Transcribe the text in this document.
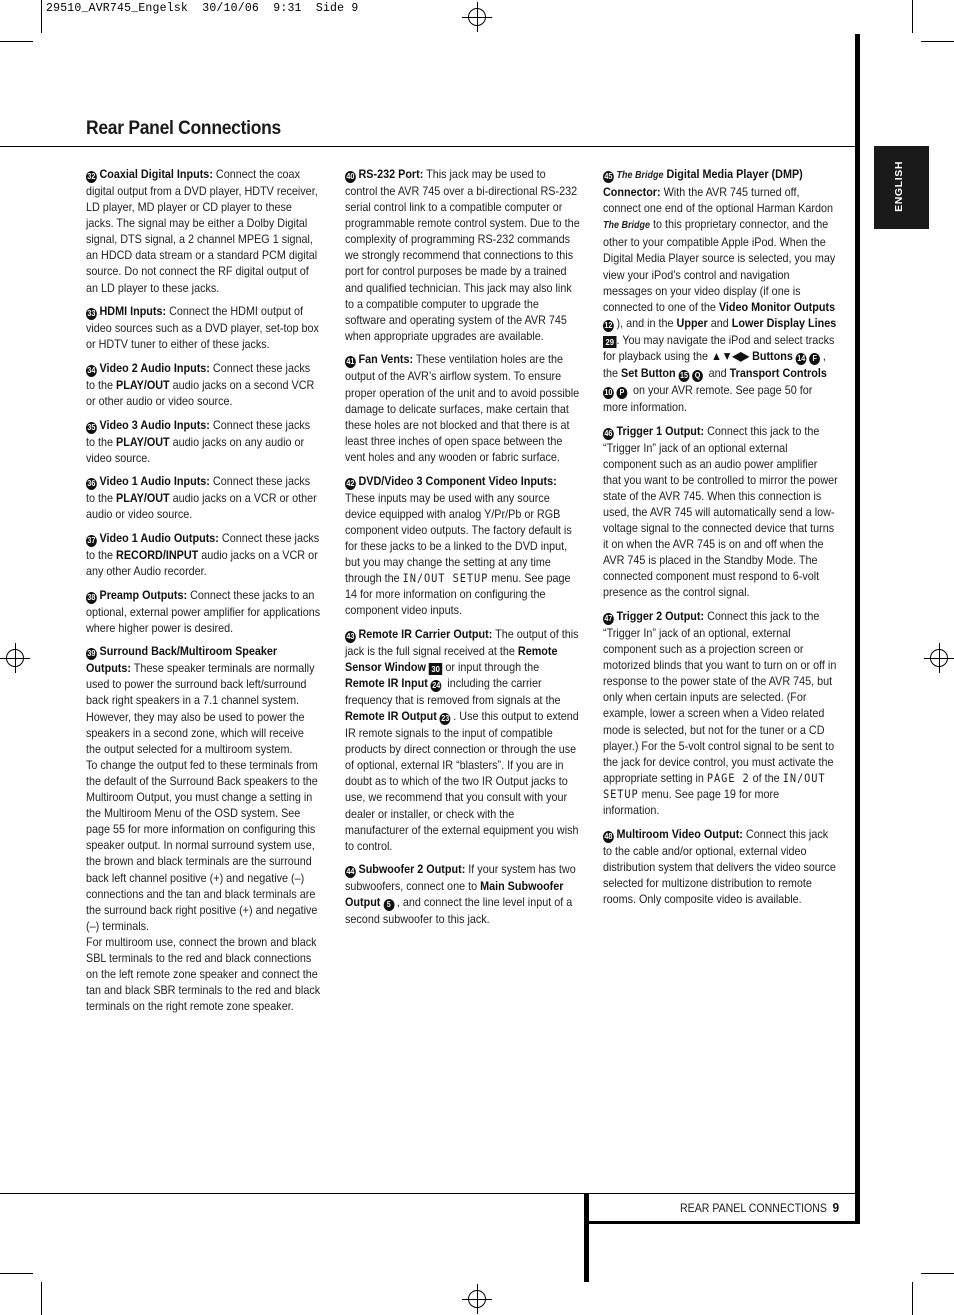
29510_AVR745_Engelsk  30/10/06  9:31  Side 9
Rear Panel Connections
ENGLISH

32 Coaxial Digital Inputs: Connect the coax digital output from a DVD player, HDTV receiver, LD player, MD player or CD player to these jacks. The signal may be either a Dolby Digital signal, DTS signal, a 2 channel MPEG 1 signal, an HDCD data stream or a standard PCM digital source. Do not connect the RF digital output of an LD player to these jacks.

33 HDMI Inputs: Connect the HDMI output of video sources such as a DVD player, set-top box or HDTV tuner to either of these jacks.

34 Video 2 Audio Inputs: Connect these jacks to the PLAY/OUT audio jacks on a second VCR or other audio or video source.

35 Video 3 Audio Inputs: Connect these jacks to the PLAY/OUT audio jacks on any audio or video source.

36 Video 1 Audio Inputs: Connect these jacks to the PLAY/OUT audio jacks on a VCR or other audio or video source.

37 Video 1 Audio Outputs: Connect these jacks to the RECORD/INPUT audio jacks on a VCR or any other Audio recorder.

38 Preamp Outputs: Connect these jacks to an optional, external power amplifier for applications where higher power is desired.

39 Surround Back/Multiroom Speaker Outputs: These speaker terminals are normally used to power the surround back left/surround back right speakers in a 7.1 channel system. However, they may also be used to power the speakers in a second zone, which will receive the output selected for a multiroom system.

To change the output fed to these terminals from the default of the Surround Back speakers to the Multiroom Output, you must change a setting in the Multiroom Menu of the OSD system. See page 55 for more information on configuring this speaker output. In normal surround system use, the brown and black terminals are the surround back left channel positive (+) and negative (–) connections and the tan and black terminals are the surround back right positive (+) and negative (–) terminals.

For multiroom use, connect the brown and black SBL terminals to the red and black connections on the left remote zone speaker and connect the tan and black SBR terminals to the red and black terminals on the right remote zone speaker.

40 RS-232 Port: This jack may be used to control the AVR 745 over a bi-directional RS-232 serial control link to a compatible computer or programmable remote control system. Due to the complexity of programming RS-232 commands we strongly recommend that connections to this port for control purposes be made by a trained and qualified technician. This jack may also link to a compatible computer to upgrade the software and operating system of the AVR 745 when appropriate upgrades are available.

41 Fan Vents: These ventilation holes are the output of the AVR’s airflow system. To ensure proper operation of the unit and to avoid possible damage to delicate surfaces, make certain that these holes are not blocked and that there is at least three inches of open space between the vent holes and any wooden or fabric surface.

42 DVD/Video 3 Component Video Inputs: These inputs may be used with any source device equipped with analog Y/Pr/Pb or RGB component video outputs. The factory default is for these jacks to be a linked to the DVD input, but you may change the setting at any time through the IN/OUT SETUP menu. See page 14 for more information on configuring the component video inputs.

43 Remote IR Carrier Output: The output of this jack is the full signal received at the Remote Sensor Window 30 or input through the Remote IR Input 24 including the carrier frequency that is removed from signals at the Remote IR Output 23 . Use this output to extend IR remote signals to the input of compatible products by direct connection or through the use of optional, external IR “blasters”. If you are in doubt as to which of the two IR Output jacks to use, we recommend that you consult with your dealer or installer, or check with the manufacturer of the external equipment you wish to control.

44 Subwoofer 2 Output: If your system has two subwoofers, connect one to Main Subwoofer Output 5 , and connect the line level input of a second subwoofer to this jack.

45 The Bridge Digital Media Player (DMP) Connector: With the AVR 745 turned off, connect one end of the optional Harman Kardon The Bridge to this proprietary connector, and the other to your compatible Apple iPod. When the Digital Media Player source is selected, you may view your iPod’s control and navigation messages on your video display (if one is connected to one of the Video Monitor Outputs 12 ), and in the Upper and Lower Display Lines 29 . You may navigate the iPod and select tracks for playback using the ▲▼◀▶ Buttons 14 F , the Set Button 15 Q and Transport Controls 10 P on your AVR remote. See page 50 for more information.

46 Trigger 1 Output: Connect this jack to the “Trigger In” jack of an optional external component such as an audio power amplifier that you want to be controlled to mirror the power state of the AVR 745. When this connection is used, the AVR 745 will automatically send a low-voltage signal to the connected device that turns it on when the AVR 745 is on and off when the AVR 745 is placed in the Standby Mode. The connected component must respond to 6-volt presence as the control signal.

47 Trigger 2 Output: Connect this jack to the “Trigger In” jack of an optional, external component such as a projection screen or motorized blinds that you want to turn on or off in response to the power state of the AVR 745, but only when certain inputs are selected. (For example, lower a screen when a Video related mode is selected, but not for the tuner or a CD player.) For the 5-volt control signal to be sent to the jack for device control, you must activate the appropriate setting in PAGE 2 of the IN/OUT SETUP menu. See page 19 for more information.

48 Multiroom Video Output: Connect this jack to the cable and/or optional, external video distribution system that delivers the video source selected for multizone distribution to remote rooms. Only composite video is available.

REAR PANEL CONNECTIONS 9
